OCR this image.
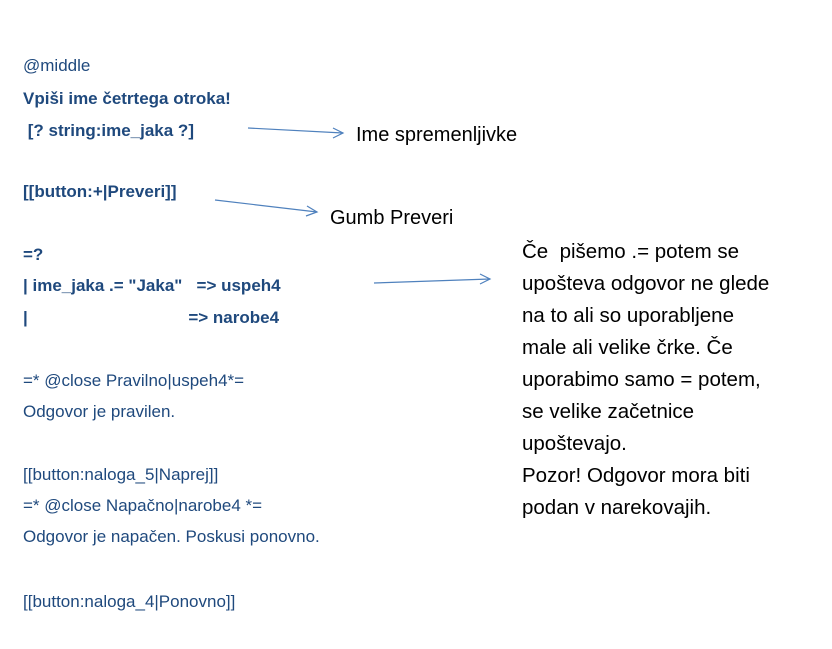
@middle
Vpiši ime četrtega otroka!
[? string:ime_jaka ?]
[[button:+|Preveri]]
=?
| ime_jaka .= "Jaka"   => uspeh4
|                                  => narobe4
=* @close Pravilno|uspeh4*=
Odgovor je pravilen.
[[button:naloga_5|Naprej]]
=* @close Napačno|narobe4 *=
Odgovor je napačen. Poskusi ponovno.
[[button:naloga_4|Ponovno]]
Ime spremenljivke
Gumb Preveri
Če  pišemo .= potem se
upošteva odgovor ne glede
na to ali so uporabljene
male ali velike črke. Če
uporabimo samo = potem,
se velike začetnice
upoštevajo.
Pozor! Odgovor mora biti
podan v narekovajih.
